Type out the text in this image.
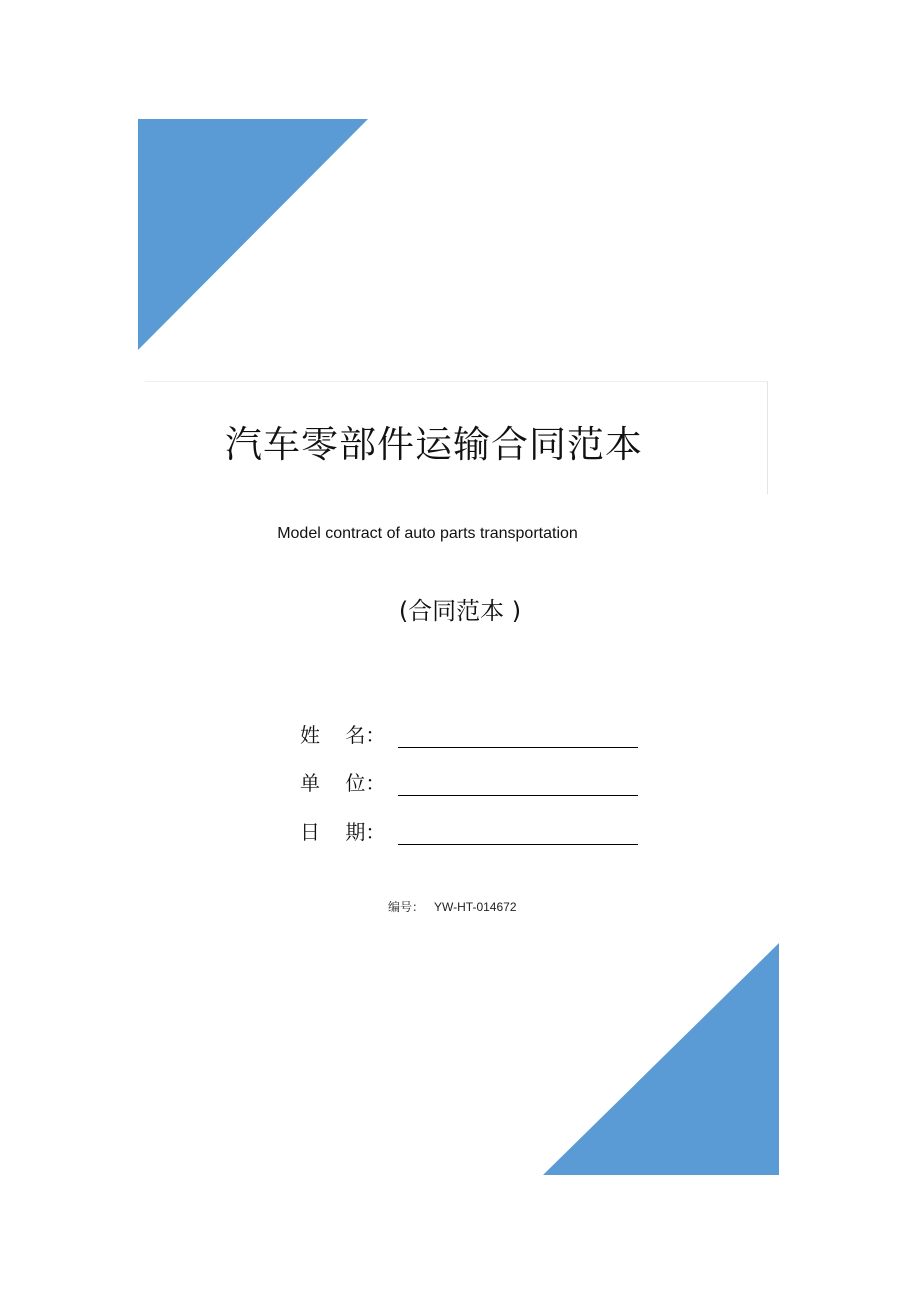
汽车零部件运输合同范本
Model contract of auto parts transportation
(合同范本 )
姓    名：
单    位：
日    期：
编号： YW-HT-014672
